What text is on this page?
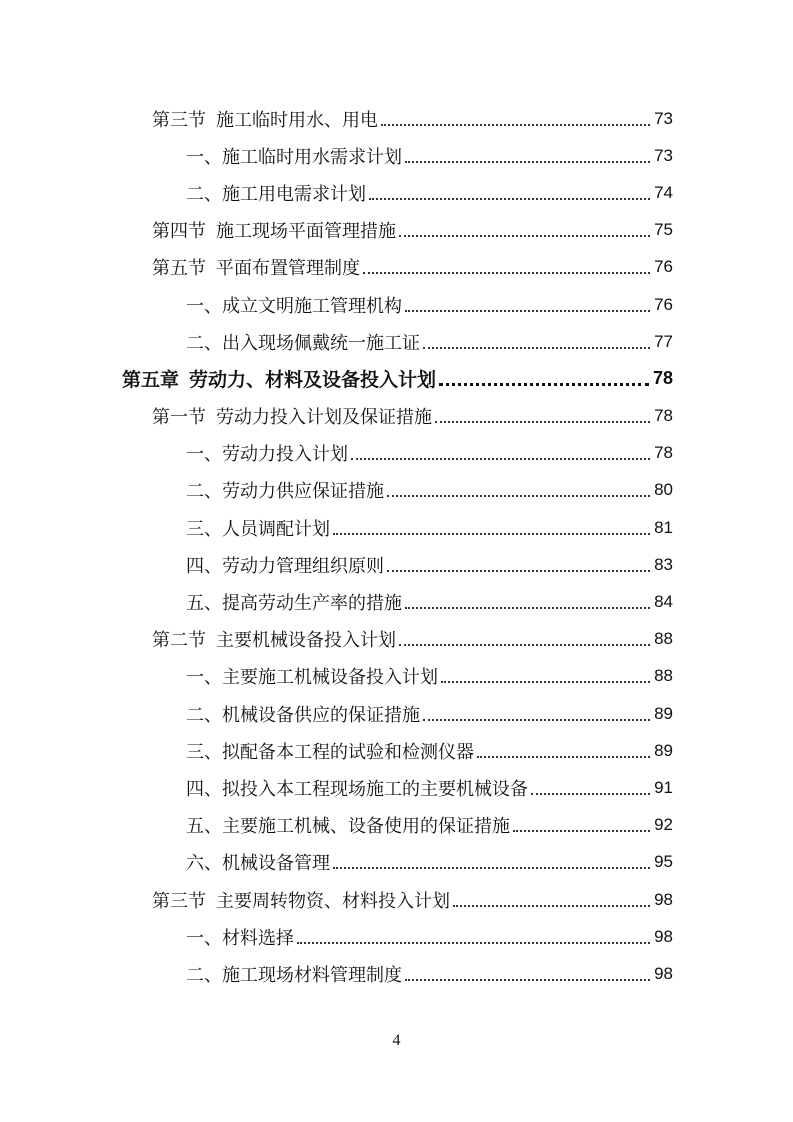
第三节 施工临时用水、用电	73
一、施工临时用水需求计划	73
二、施工用电需求计划	74
第四节 施工现场平面管理措施	75
第五节 平面布置管理制度	76
一、成立文明施工管理机构	76
二、出入现场佩戴统一施工证	77
第五章 劳动力、材料及设备投入计划	78
第一节 劳动力投入计划及保证措施	78
一、劳动力投入计划	78
二、劳动力供应保证措施	80
三、人员调配计划	81
四、劳动力管理组织原则	83
五、提高劳动生产率的措施	84
第二节 主要机械设备投入计划	88
一、主要施工机械设备投入计划	88
二、机械设备供应的保证措施	89
三、拟配备本工程的试验和检测仪器	89
四、拟投入本工程现场施工的主要机械设备	91
五、主要施工机械、设备使用的保证措施	92
六、机械设备管理	95
第三节 主要周转物资、材料投入计划	98
一、材料选择	98
二、施工现场材料管理制度	98
4
